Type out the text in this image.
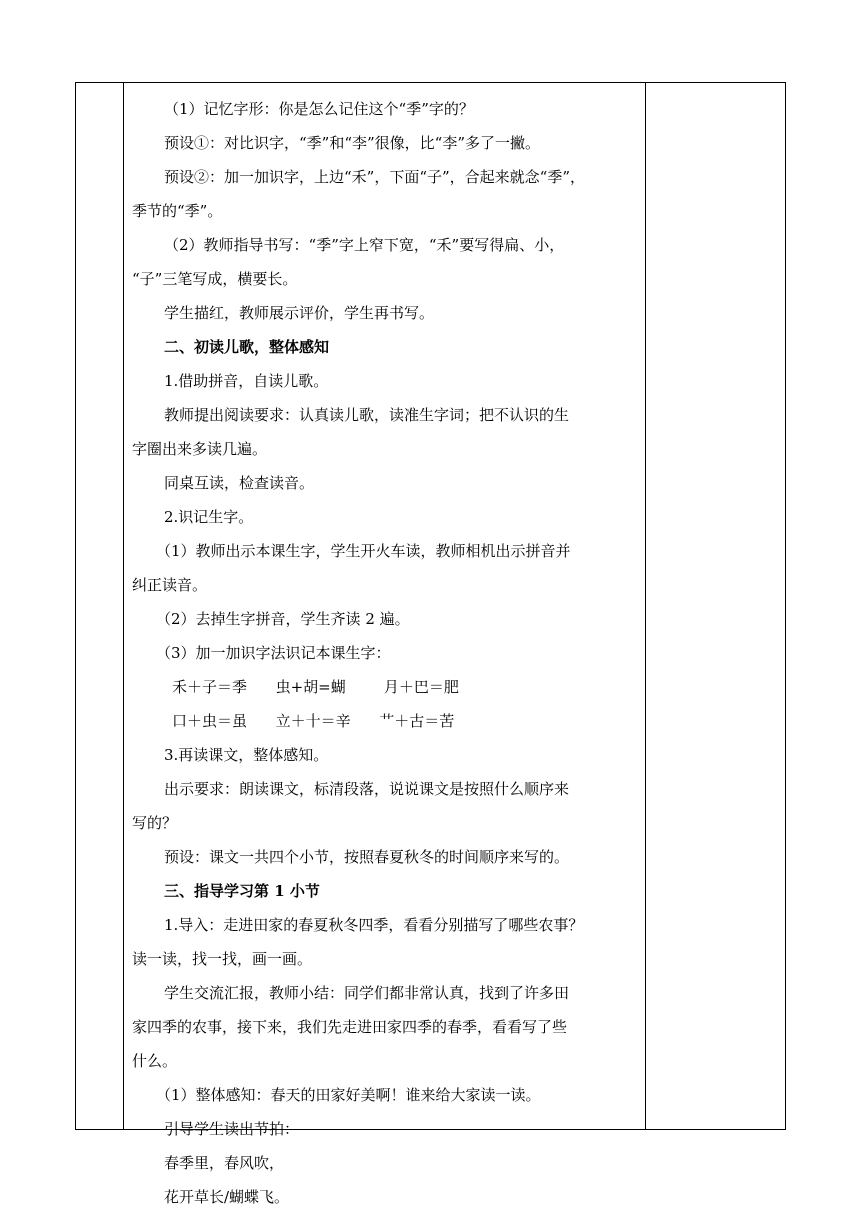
（1）记忆字形：你是怎么记住这个“季”字的？
预设①：对比识字，“季”和“李”很像，比“李”多了一撇。
预设②：加一加识字，上边“禾”，下面“子”，合起来就念“季”，
季节的“季”。
（2）教师指导书写：“季”字上窄下宽，“禾”要写得扁、小，
“子”三笔写成，横要长。
学生描红，教师展示评价，学生再书写。
二、初读儿歌，整体感知
1.借助拼音，自读儿歌。
教师提出阅读要求：认真读儿歌，读准生字词；把不认识的生
字圈出来多读几遍。
同桌互读，检查读音。
2.识记生字。
（1）教师出示本课生字，学生开火车读，教师相机出示拼音并
纠正读音。
（2）去掉生字拼音，学生齐读 2 遍。
（3）加一加识字法识记本课生字：
禾＋子＝季      虫+胡=蝴        月＋巴＝肥
口＋虫＝虽      立＋十＝辛      艹＋古＝苦
3.再读课文，整体感知。
出示要求：朗读课文，标清段落，说说课文是按照什么顺序来
写的？
预设：课文一共四个小节，按照春夏秋冬的时间顺序来写的。
三、指导学习第 1 小节
1.导入：走进田家的春夏秋冬四季，看看分别描写了哪些农事？
读一读，找一找，画一画。
学生交流汇报，教师小结：同学们都非常认真，找到了许多田
家四季的农事，接下来，我们先走进田家四季的春季，看看写了些
什么。
（1）整体感知：春天的田家好美啊！谁来给大家读一读。
引导学生读出节拍：
春季里，春风吹，
花开草长/蝴蝶飞。
